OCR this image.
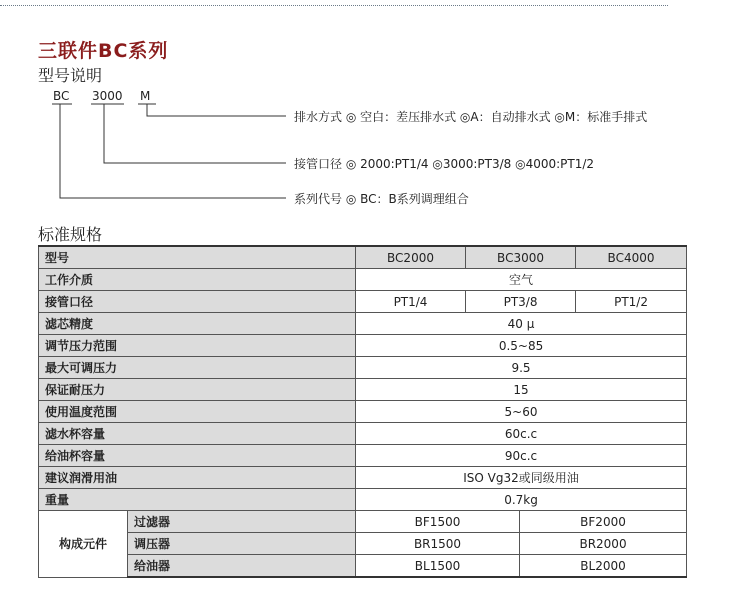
三联件BC系列
型号说明
BC 3000 M
排水方式 ◎ 空白：差压排水式 ◎A：自动排水式 ◎M：标准手排式
接管口径 ◎ 2000:PT1/4 ◎3000:PT3/8 ◎4000:PT1/2
系列代号 ◎ BC：B系列调理组合
标准规格
型号		BC2000	BC3000		BC4000
工作介质		空气			
接管口径		PT1/4	PT3/8		PT1/2
滤芯精度		40 μ			
调节压力范围		0.5~85			
最大可调压力		9.5			
保证耐压力		15			
使用温度范围		5~60			
滤水杯容量		60c.c			
给油杯容量		90c.c			
建议润滑用油		ISO Vg32或同级用油			
重量		0.7kg			
构成元件	过滤器	BF1500		BF2000	
	调压器	BR1500		BR2000	
	给油器	BL1500		BL2000	
